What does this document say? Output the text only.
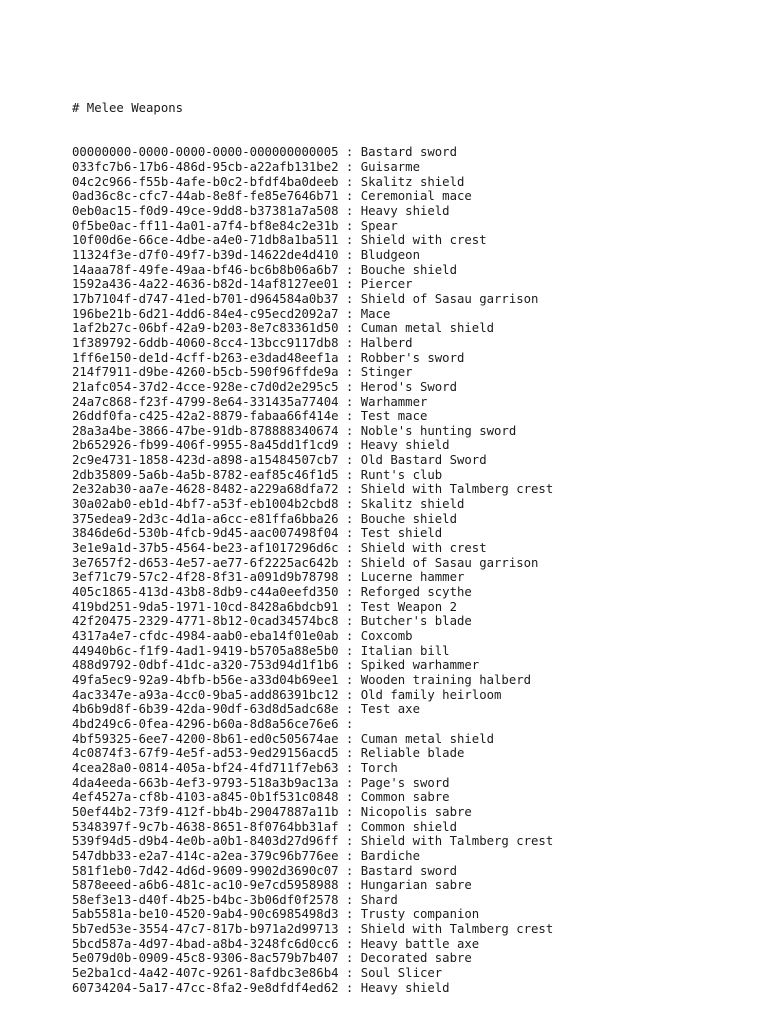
# Melee Weapons

00000000-0000-0000-0000-000000000005 : Bastard sword
033fc7b6-17b6-486d-95cb-a22afb131be2 : Guisarme
04c2c966-f55b-4afe-b0c2-bfdf4ba0deeb : Skalitz shield
0ad36c8c-cfc7-44ab-8e8f-fe85e7646b71 : Ceremonial mace
0eb0ac15-f0d9-49ce-9dd8-b37381a7a508 : Heavy shield
0f5be0ac-ff11-4a01-a7f4-bf8e84c2e31b : Spear
10f00d6e-66ce-4dbe-a4e0-71db8a1ba511 : Shield with crest
11324f3e-d7f0-49f7-b39d-14622de4d410 : Bludgeon
14aaa78f-49fe-49aa-bf46-bc6b8b06a6b7 : Bouche shield
1592a436-4a22-4636-b82d-14af8127ee01 : Piercer
17b7104f-d747-41ed-b701-d964584a0b37 : Shield of Sasau garrison
196be21b-6d21-4dd6-84e4-c95ecd2092a7 : Mace
1af2b27c-06bf-42a9-b203-8e7c83361d50 : Cuman metal shield
1f389792-6ddb-4060-8cc4-13bcc9117db8 : Halberd
1ff6e150-de1d-4cff-b263-e3dad48eef1a : Robber's sword
214f7911-d9be-4260-b5cb-590f96ffde9a : Stinger
21afc054-37d2-4cce-928e-c7d0d2e295c5 : Herod's Sword
24a7c868-f23f-4799-8e64-331435a77404 : Warhammer
26ddf0fa-c425-42a2-8879-fabaa66f414e : Test mace
28a3a4be-3866-47be-91db-878888340674 : Noble's hunting sword
2b652926-fb99-406f-9955-8a45dd1f1cd9 : Heavy shield
2c9e4731-1858-423d-a898-a15484507cb7 : Old Bastard Sword
2db35809-5a6b-4a5b-8782-eaf85c46f1d5 : Runt's club
2e32ab30-aa7e-4628-8482-a229a68dfa72 : Shield with Talmberg crest
30a02ab0-eb1d-4bf7-a53f-eb1004b2cbd8 : Skalitz shield
375edea9-2d3c-4d1a-a6cc-e81ffa6bba26 : Bouche shield
3846de6d-530b-4fcb-9d45-aac007498f04 : Test shield
3e1e9a1d-37b5-4564-be23-af1017296d6c : Shield with crest
3e7657f2-d653-4e57-ae77-6f2225ac642b : Shield of Sasau garrison
3ef71c79-57c2-4f28-8f31-a091d9b78798 : Lucerne hammer
405c1865-413d-43b8-8db9-c44a0eefd350 : Reforged scythe
419bd251-9da5-1971-10cd-8428a6bdcb91 : Test Weapon 2
42f20475-2329-4771-8b12-0cad34574bc8 : Butcher's blade
4317a4e7-cfdc-4984-aab0-eba14f01e0ab : Coxcomb
44940b6c-f1f9-4ad1-9419-b5705a88e5b0 : Italian bill
488d9792-0dbf-41dc-a320-753d94d1f1b6 : Spiked warhammer
49fa5ec9-92a9-4bfb-b56e-a33d04b69ee1 : Wooden training halberd
4ac3347e-a93a-4cc0-9ba5-add86391bc12 : Old family heirloom
4b6b9d8f-6b39-42da-90df-63d8d5adc68e : Test axe
4bd249c6-0fea-4296-b60a-8d8a56ce76e6 :
4bf59325-6ee7-4200-8b61-ed0c505674ae : Cuman metal shield
4c0874f3-67f9-4e5f-ad53-9ed29156acd5 : Reliable blade
4cea28a0-0814-405a-bf24-4fd711f7eb63 : Torch
4da4eeda-663b-4ef3-9793-518a3b9ac13a : Page's sword
4ef4527a-cf8b-4103-a845-0b1f531c0848 : Common sabre
50ef44b2-73f9-412f-bb4b-29047887a11b : Nicopolis sabre
5348397f-9c7b-4638-8651-8f0764bb31af : Common shield
539f94d5-d9b4-4e0b-a0b1-8403d27d96ff : Shield with Talmberg crest
547dbb33-e2a7-414c-a2ea-379c96b776ee : Bardiche
581f1eb0-7d42-4d6d-9609-9902d3690c07 : Bastard sword
5878eeed-a6b6-481c-ac10-9e7cd5958988 : Hungarian sabre
58ef3e13-d40f-4b25-b4bc-3b06df0f2578 : Shard
5ab5581a-be10-4520-9ab4-90c6985498d3 : Trusty companion
5b7ed53e-3554-47c7-817b-b971a2d99713 : Shield with Talmberg crest
5bcd587a-4d97-4bad-a8b4-3248fc6d0cc6 : Heavy battle axe
5e079d0b-0909-45c8-9306-8ac579b7b407 : Decorated sabre
5e2ba1cd-4a42-407c-9261-8afdbc3e86b4 : Soul Slicer
60734204-5a17-47cc-8fa2-9e8dfdf4ed62 : Heavy shield
